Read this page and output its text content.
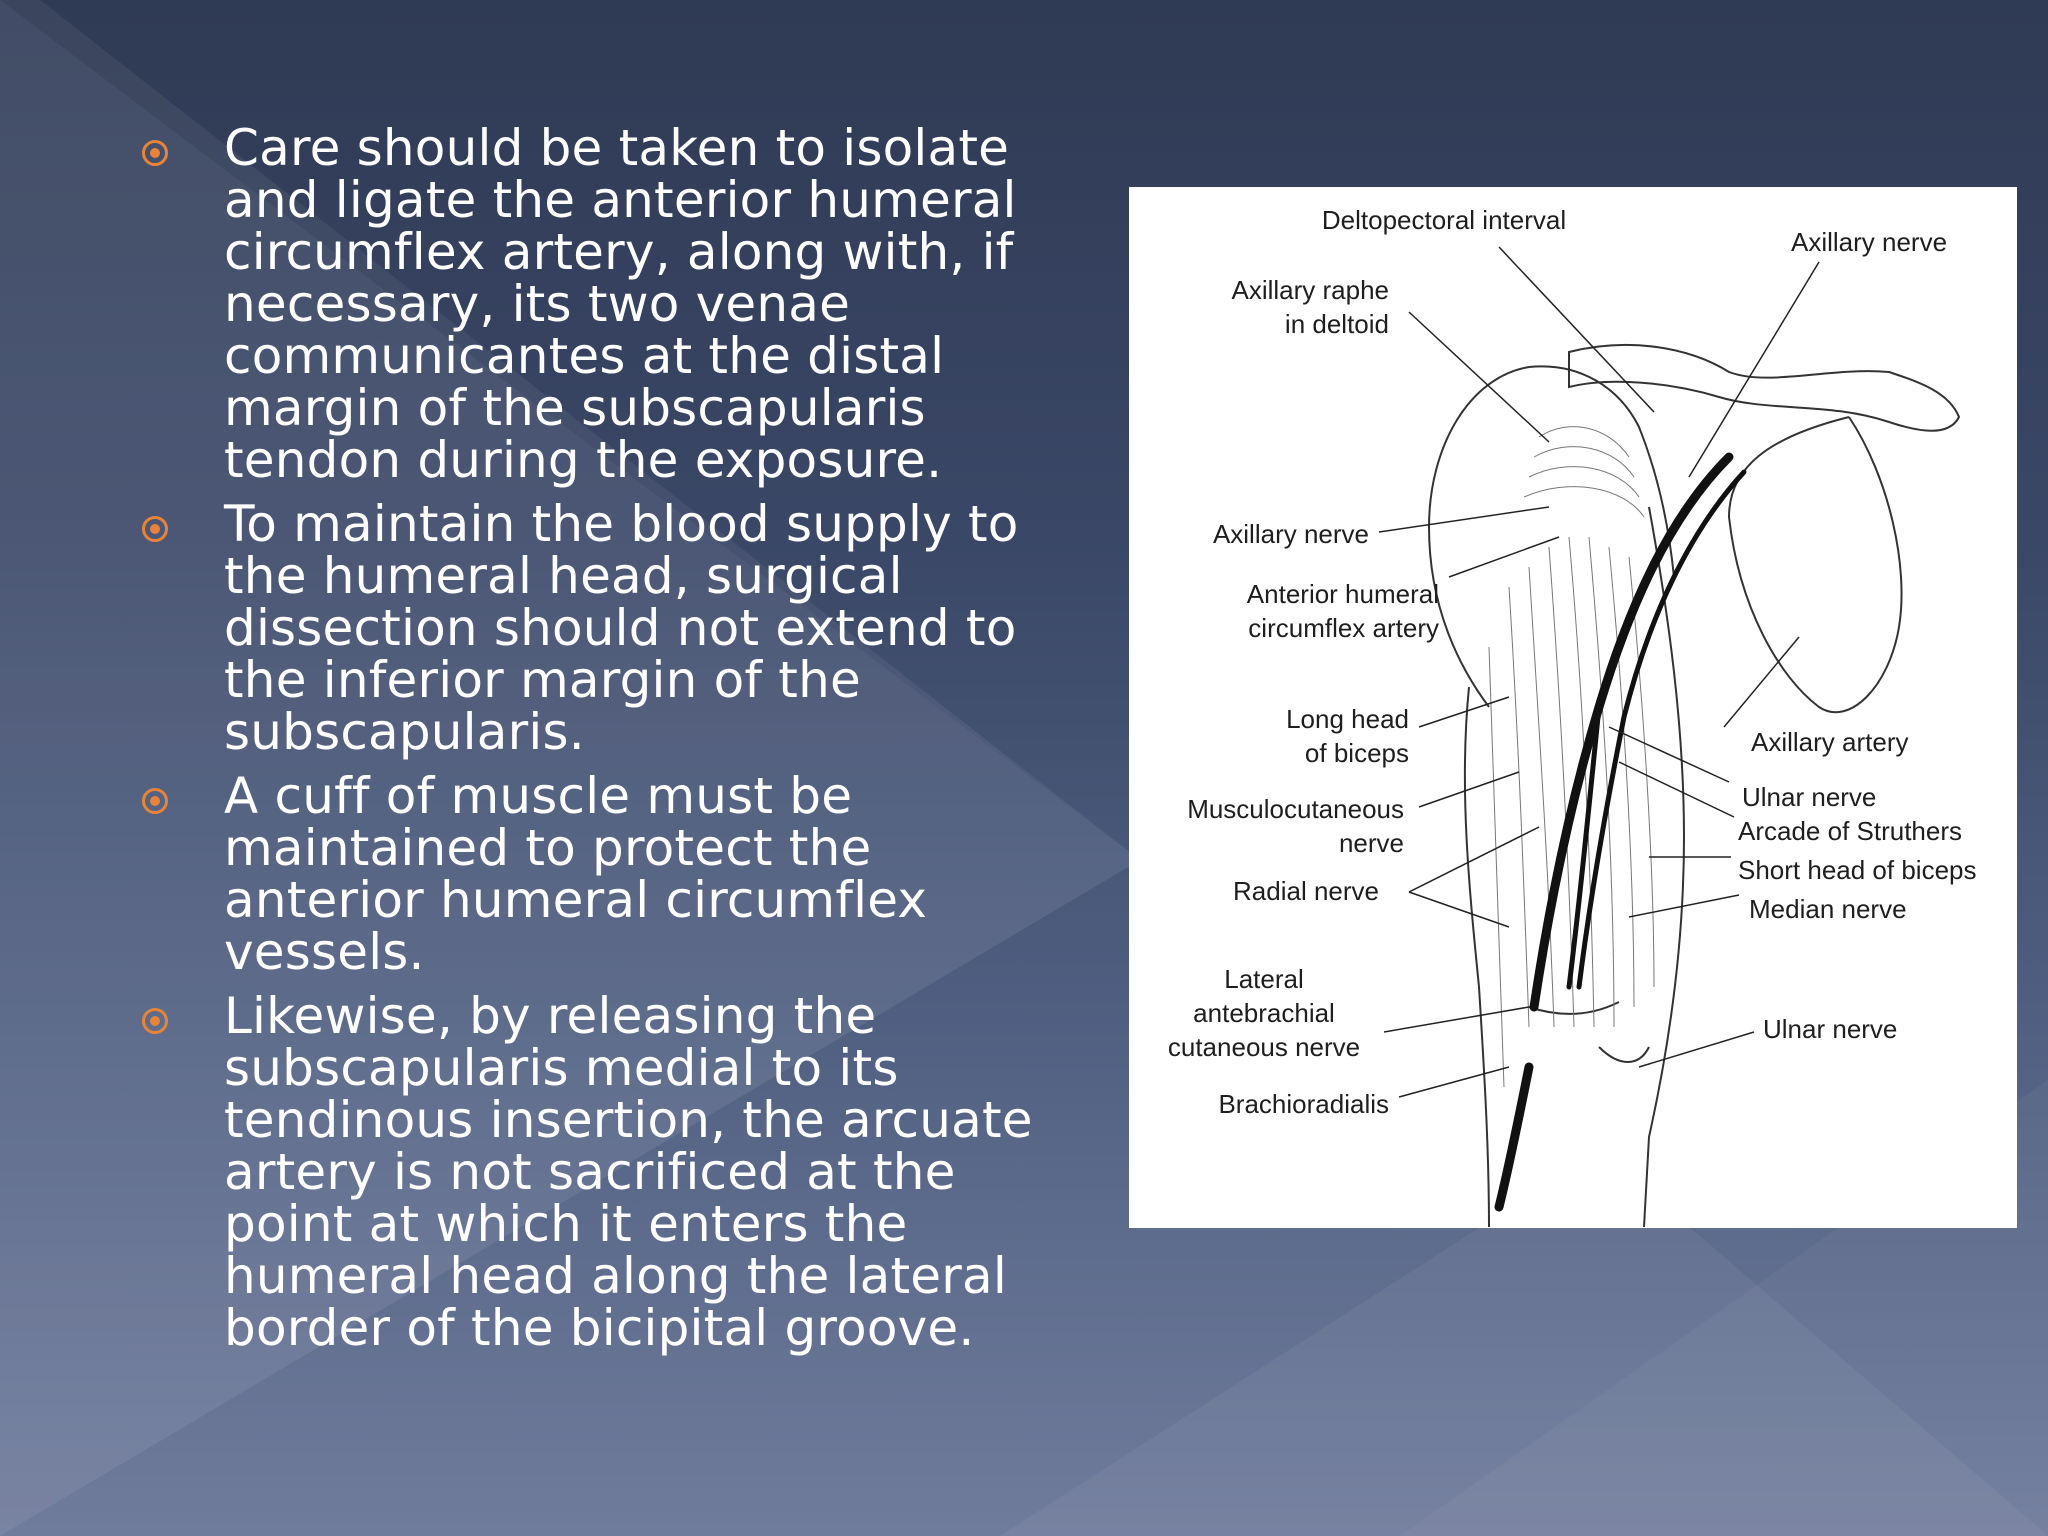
Care should be taken to isolate
and ligate the anterior humeral
circumflex artery, along with, if
necessary, its two venae
communicantes at the distal
margin of the subscapularis
tendon during the exposure.
To maintain the blood supply to
the humeral head, surgical
dissection should not extend to
the inferior margin of the
subscapularis.
A cuff of muscle must be
maintained to protect the
anterior humeral circumflex
vessels.
Likewise, by releasing the
subscapularis medial to its
tendinous insertion, the arcuate
artery is not sacrificed at the
point at which it enters the
humeral head along the lateral
border of the bicipital groove.
Deltopectoral interval
Axillary nerve
Axillary raphe
in deltoid
Axillary nerve
Anterior humeral
circumflex artery
Long head
of biceps
Musculocutaneous
nerve
Radial nerve
Lateral
antebrachial
cutaneous nerve
Brachioradialis
Axillary artery
Ulnar nerve
Arcade of Struthers
Short head of biceps
Median nerve
Ulnar nerve
